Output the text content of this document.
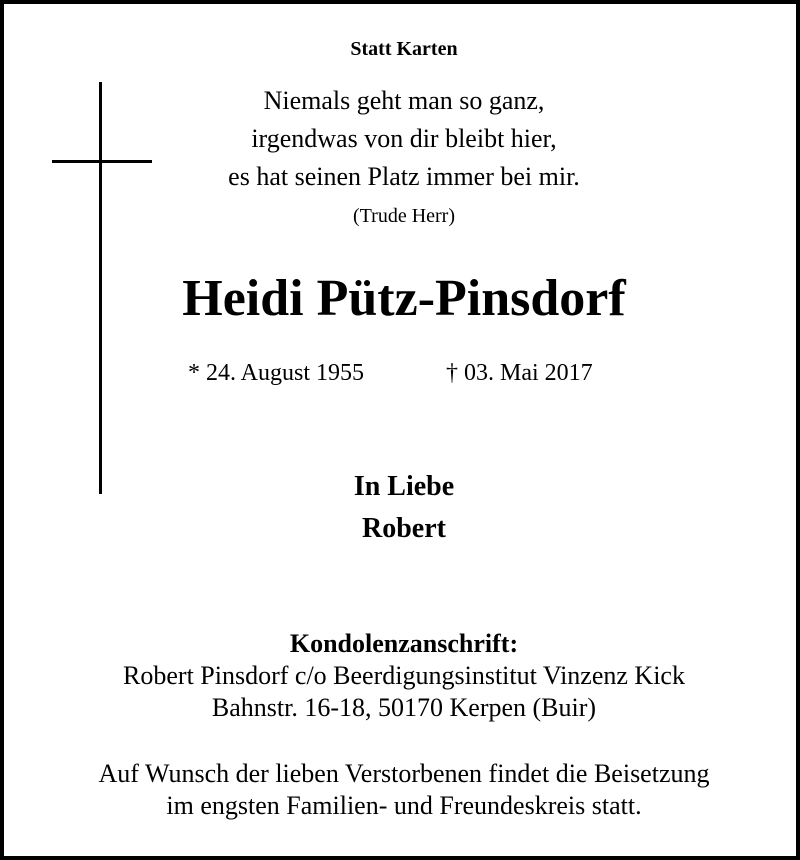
Statt Karten
Niemals geht man so ganz,
irgendwas von dir bleibt hier,
es hat seinen Platz immer bei mir.
(Trude Herr)
Heidi Pütz-Pinsdorf
* 24. August 1955	† 03. Mai 2017
In Liebe
Robert
Kondolenzanschrift:
Robert Pinsdorf c/o Beerdigungsinstitut Vinzenz Kick
Bahnstr. 16-18, 50170 Kerpen (Buir)
Auf Wunsch der lieben Verstorbenen findet die Beisetzung
im engsten Familien- und Freundeskreis statt.
